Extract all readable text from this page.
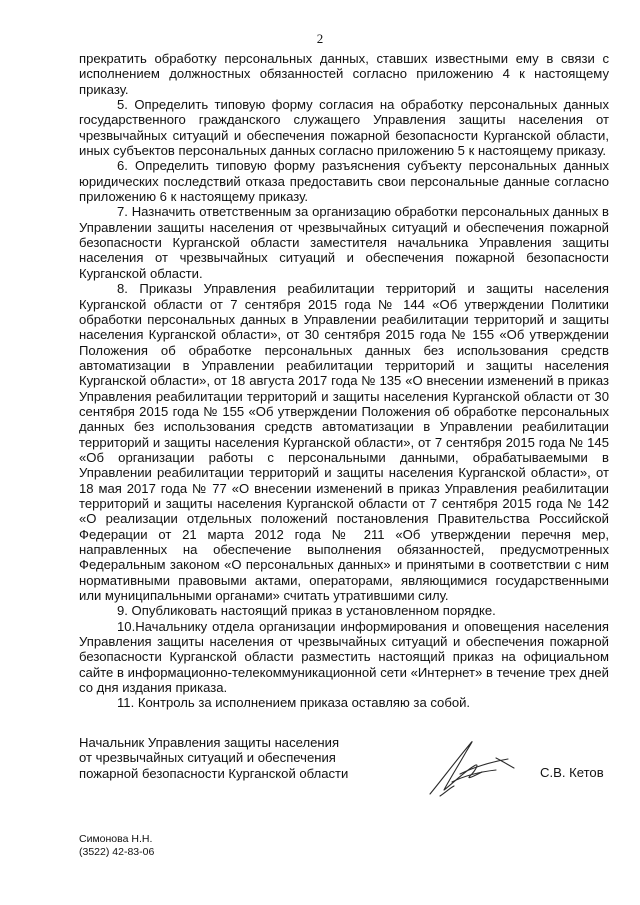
2

прекратить обработку персональных данных, ставших известными ему в связи с исполнением должностных обязанностей согласно приложению 4 к настоящему приказу.

5. Определить типовую форму согласия на обработку персональных данных государственного гражданского служащего Управления защиты населения от чрезвычайных ситуаций и обеспечения пожарной безопасности Курганской области, иных субъектов персональных данных согласно приложению 5 к настоящему приказу.

6. Определить типовую форму разъяснения субъекту персональных данных юридических последствий отказа предоставить свои персональные данные согласно приложению 6 к настоящему приказу.

7. Назначить ответственным за организацию обработки персональных данных в Управлении защиты населения от чрезвычайных ситуаций и обеспечения пожарной безопасности Курганской области заместителя начальника Управления защиты населения от чрезвычайных ситуаций и обеспечения пожарной безопасности Курганской области.

8. Приказы Управления реабилитации территорий и защиты населения Курганской области от 7 сентября 2015 года № 144 «Об утверждении Политики обработки персональных данных в Управлении реабилитации территорий и защиты населения Курганской области», от 30 сентября 2015 года № 155 «Об утверждении Положения об обработке персональных данных без использования средств автоматизации в Управлении реабилитации территорий и защиты населения Курганской области», от 18 августа 2017 года № 135 «О внесении изменений в приказ Управления реабилитации территорий и защиты населения Курганской области от 30 сентября 2015 года № 155 «Об утверждении Положения об обработке персональных данных без использования средств автоматизации в Управлении реабилитации территорий и защиты населения Курганской области», от 7 сентября 2015 года № 145 «Об организации работы с персональными данными, обрабатываемыми в Управлении реабилитации территорий и защиты населения Курганской области», от 18 мая 2017 года № 77 «О внесении изменений в приказ Управления реабилитации территорий и защиты населения Курганской области от 7 сентября 2015 года № 142 «О реализации отдельных положений постановления Правительства Российской Федерации от 21 марта 2012 года № 211 «Об утверждении перечня мер, направленных на обеспечение выполнения обязанностей, предусмотренных Федеральным законом «О персональных данных» и принятыми в соответствии с ним нормативными правовыми актами, операторами, являющимися государственными или муниципальными органами» считать утратившими силу.

9. Опубликовать настоящий приказ в установленном порядке.

10.Начальнику отдела организации информирования и оповещения населения Управления защиты населения от чрезвычайных ситуаций и обеспечения пожарной безопасности Курганской области разместить настоящий приказ на официальном сайте в информационно-телекоммуникационной сети «Интернет» в течение трех дней со дня издания приказа.

11. Контроль за исполнением приказа оставляю за собой.

Начальник Управления защиты населения
от чрезвычайных ситуаций и обеспечения
пожарной безопасности Курганской области	С.В. Кетов
Симонова Н.Н.
(3522) 42-83-06
